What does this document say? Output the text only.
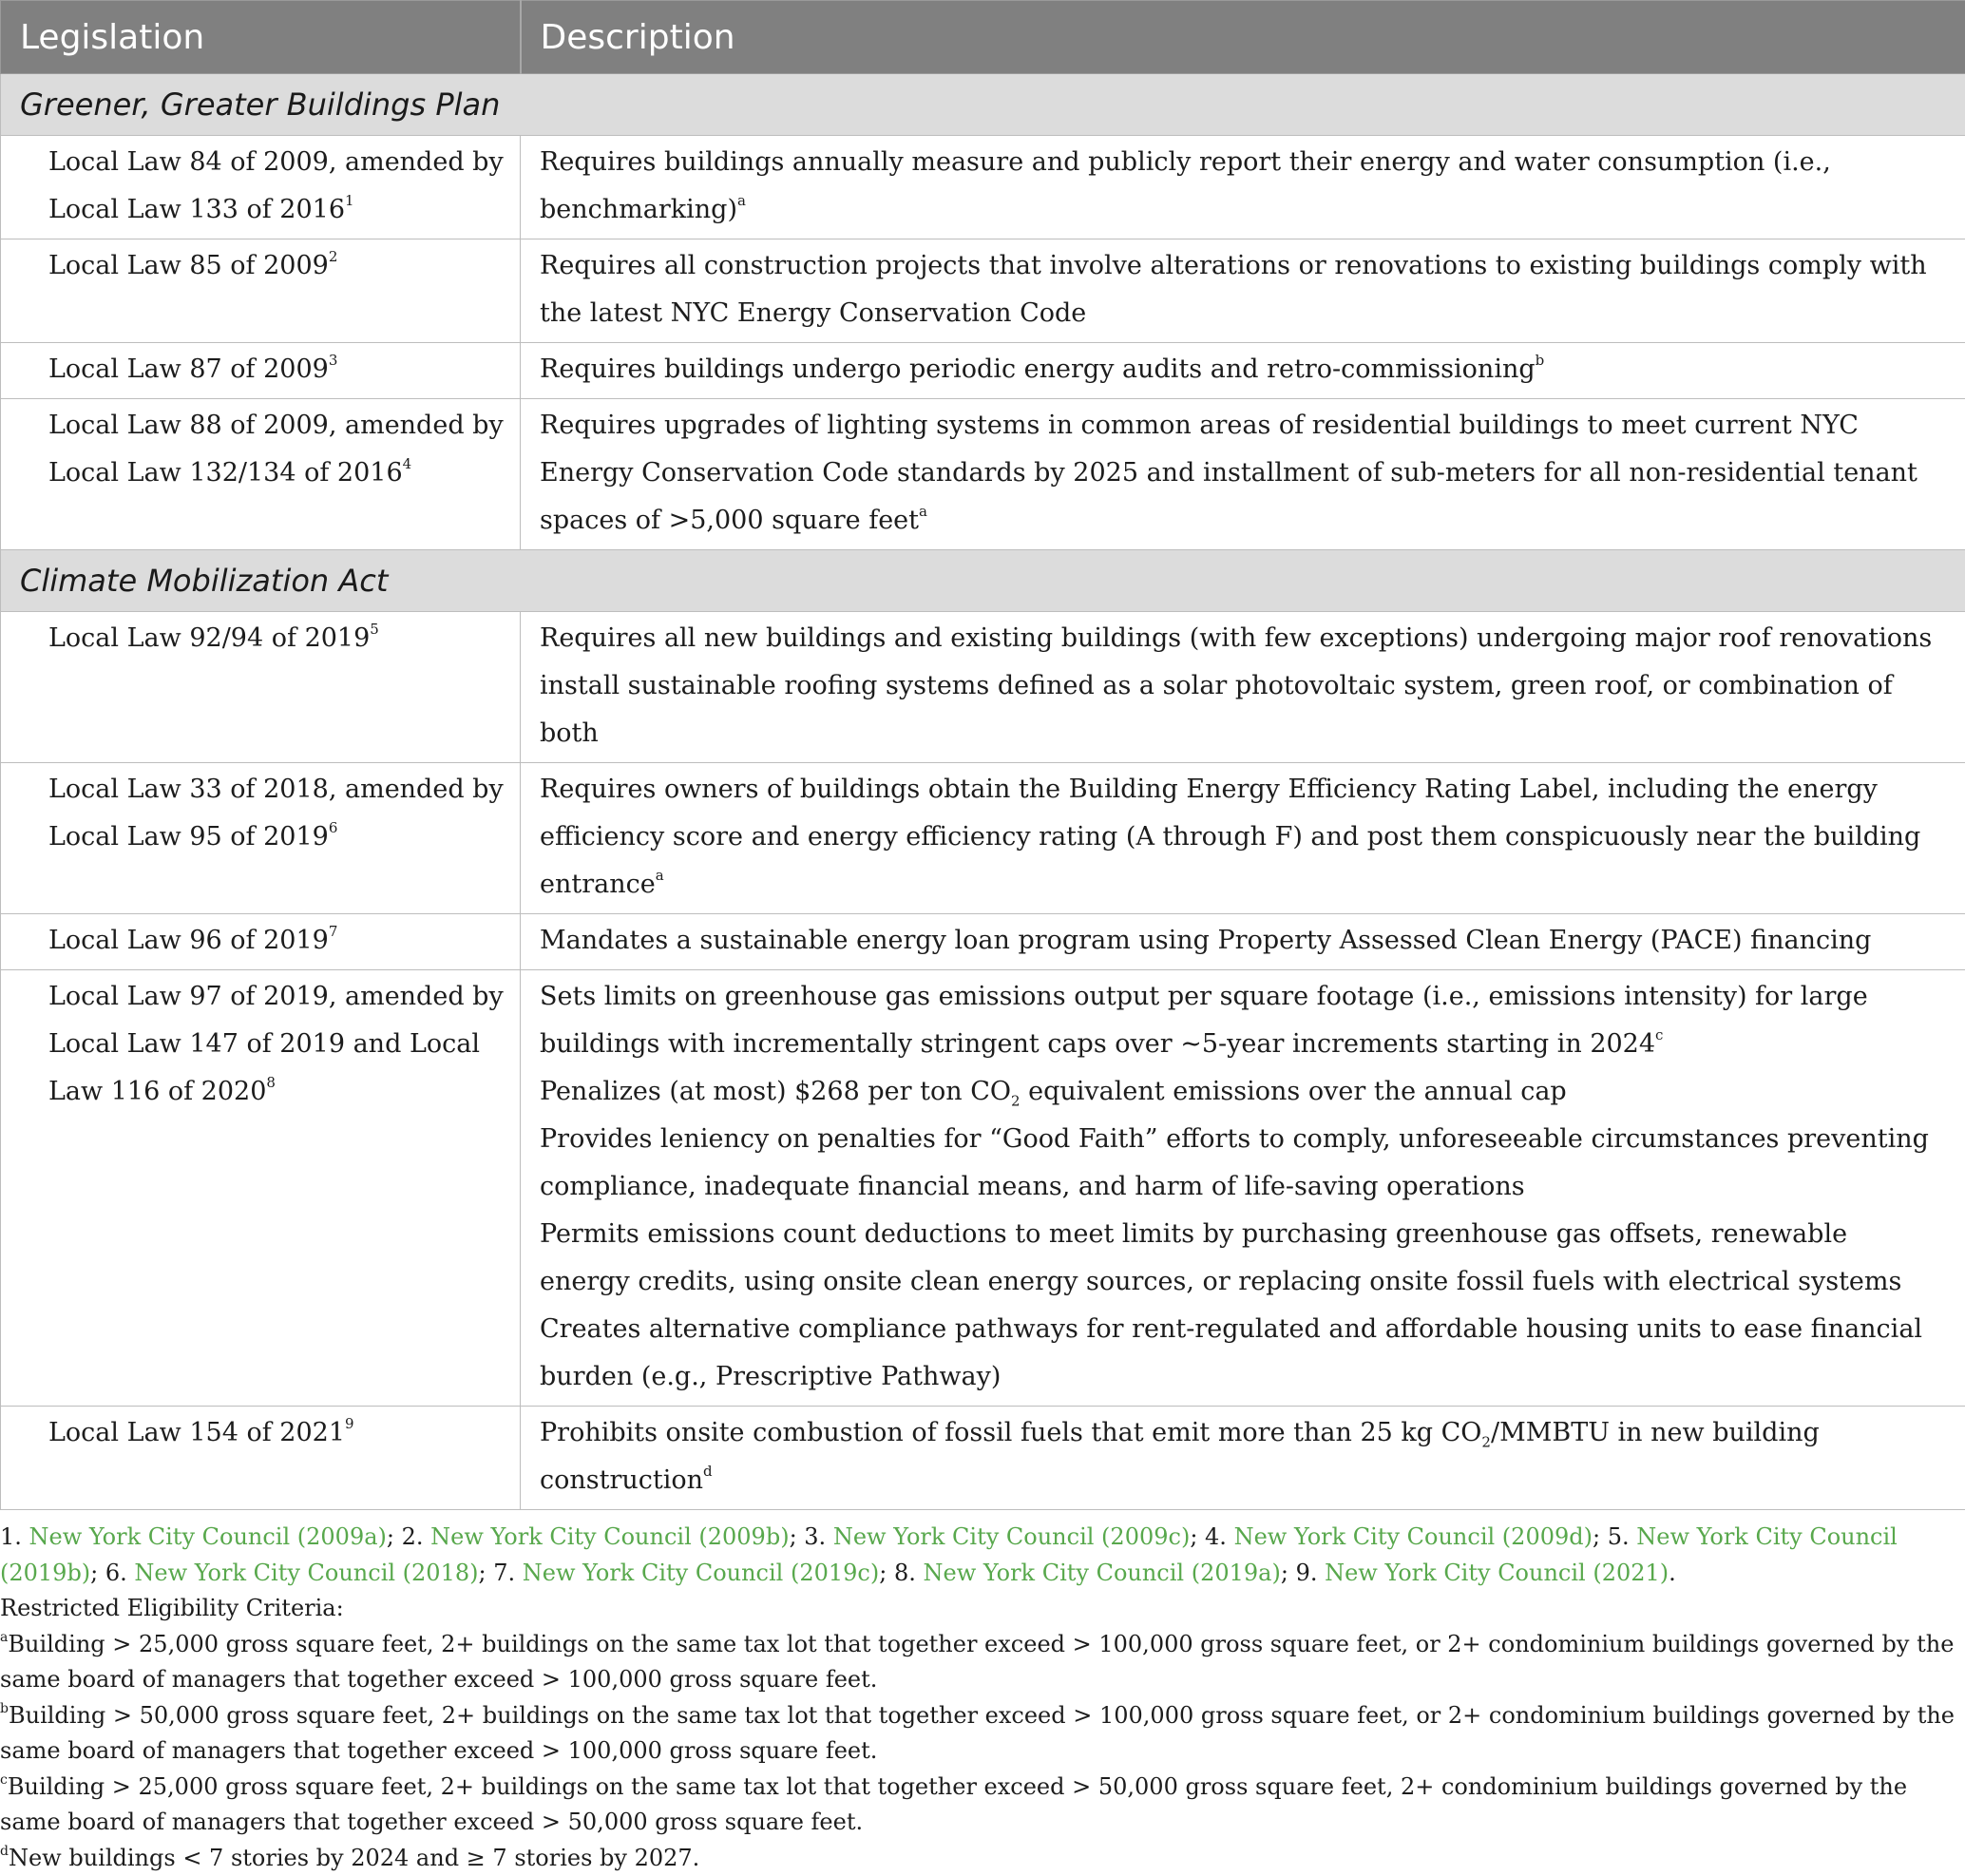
Legislation	Description
Greener, Greater Buildings Plan	
Local Law 84 of 2009, amended by Local Law 133 of 2016$^1$	Requires buildings annually measure and publicly report their energy and water consumption (i.e., benchmarking)$^a$

Local Law 85 of 2009$^2$	Requires all construction projects that involve alterations or renovations to existing buildings comply with the latest NYC Energy Conservation Code

Local Law 87 of 2009$^3$	Requires buildings undergo periodic energy audits and retro-commissioning$^b$

Local Law 88 of 2009, amended by Local Law 132/134 of 2016$^4$	Requires upgrades of lighting systems in common areas of residential buildings to meet current NYC Energy Conservation Code standards by 2025 and installment of sub-meters for all non-residential tenant spaces of >5,000 square feet$^a$

Climate Mobilization Act	
Local Law 92/94 of 2019$^5$	Requires all new buildings and existing buildings (with few exceptions) undergoing major roof renovations install sustainable roofing systems defined as a solar photovoltaic system, green roof, or combination of both

Local Law 33 of 2018, amended by Local Law 95 of 2019$^6$	Requires owners of buildings obtain the Building Energy Efficiency Rating Label, including the energy efficiency score and energy efficiency rating (A through F) and post them conspicuously near the building entrance$^a$

Local Law 96 of 2019$^7$	Mandates a sustainable energy loan program using Property Assessed Clean Energy (PACE) financing

Local Law 97 of 2019, amended by Local Law 147 of 2019 and Local Law 116 of 2020$^8$	Sets limits on greenhouse gas emissions output per square footage (i.e., emissions intensity) for large buildings with incrementally stringent caps over ~5-year increments starting in 2024$^c$
Penalizes (at most) $268 per ton $CO_2$ equivalent emissions over the annual cap
Provides leniency on penalties for “Good Faith” efforts to comply, unforeseeable circumstances preventing compliance, inadequate financial means, and harm of life-saving operations
Permits emissions count deductions to meet limits by purchasing greenhouse gas offsets, renewable energy credits, using onsite clean energy sources, or replacing onsite fossil fuels with electrical systems
Creates alternative compliance pathways for rent-regulated and affordable housing units to ease financial burden (e.g., Prescriptive Pathway)

Local Law 154 of 2021$^9$	Prohibits onsite combustion of fossil fuels that emit more than 25 kg $CO_2$/MMBTU in new building construction$^d$
1. New York City Council (2009a); 2. New York City Council (2009b); 3. New York City Council (2009c); 4. New York City Council (2009d); 5. New York City Council (2019b); 6. New York City Council (2018); 7. New York City Council (2019c); 8. New York City Council (2019a); 9. New York City Council (2021).
Restricted Eligibility Criteria:
$^a$Building > 25,000 gross square feet, 2+ buildings on the same tax lot that together exceed > 100,000 gross square feet, or 2+ condominium buildings governed by the same board of managers that together exceed > 100,000 gross square feet.
$^b$Building > 50,000 gross square feet, 2+ buildings on the same tax lot that together exceed > 100,000 gross square feet, or 2+ condominium buildings governed by the same board of managers that together exceed > 100,000 gross square feet.
$^c$Building > 25,000 gross square feet, 2+ buildings on the same tax lot that together exceed > 50,000 gross square feet, 2+ condominium buildings governed by the same board of managers that together exceed > 50,000 gross square feet.
$^d$New buildings < 7 stories by 2024 and ≥ 7 stories by 2027.
